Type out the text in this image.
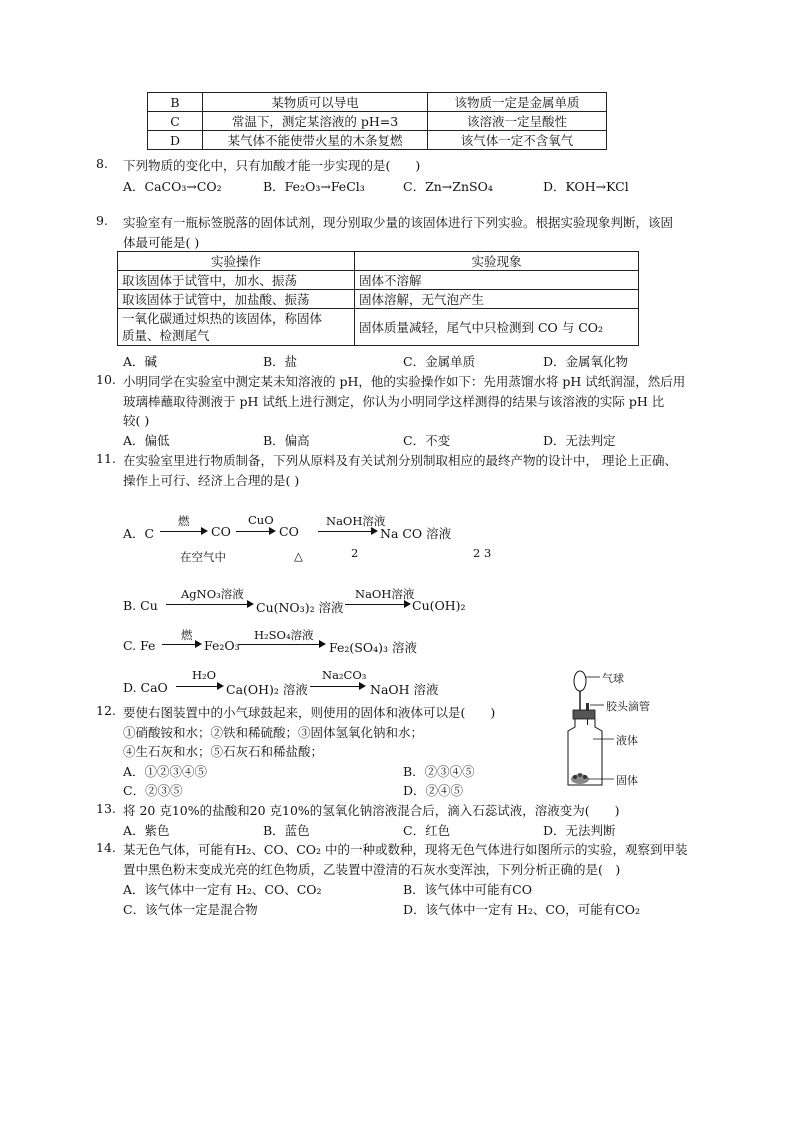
B	某物质可以导电	该物质一定是金属单质
C	常温下，测定某溶液的 pH=3	该溶液一定呈酸性
D	某气体不能使带火星的木条复燃	该气体一定不含氧气
8. 下列物质的变化中，只有加酸才能一步实现的是(　　)
A．CaCO₃→CO₂	B．Fe₂O₃→FeCl₃	C．Zn→ZnSO₄	D．KOH→KCl
9. 实验室有一瓶标签脱落的固体试剂，现分别取少量的该固体进行下列实验。根据实验现象判断，该固
体最可能是( )
实验操作	实验现象
取该固体于试管中，加水、振荡	固体不溶解
取该固体于试管中，加盐酸、振荡	固体溶解，无气泡产生
一氧化碳通过炽热的该固体，称固体
质量、检测尾气	固体质量减轻，尾气中只检测到 CO 与 CO₂
A．碱	B．盐	C．金属单质	D．金属氧化物
10. 小明同学在实验室中测定某未知溶液的 pH，他的实验操作如下：先用蒸馏水将 pH 试纸润湿，然后用
玻璃棒蘸取待测液于 pH 试纸上进行测定，你认为小明同学这样测得的结果与该溶液的实际 pH 比
较( )
A．偏低	B．偏高	C．不变	D．无法判定
11. 在实验室里进行物质制备，下列从原料及有关试剂分别制取相应的最终产物的设计中， 理论上正确、
操作上可行、经济上合理的是( )
A．C
燃
CO
CuO
CO
NaOH溶液
Na CO 溶液
在空气中	△	2	2 3
B. Cu
AgNO₃溶液
Cu(NO₃)₂ 溶液
NaOH溶液
Cu(OH)₂
C. Fe
燃
Fe₂O₃
H₂SO₄溶液
Fe₂(SO₄)₃ 溶液
D. CaO
H₂O
Ca(OH)₂ 溶液
Na₂CO₃
NaOH 溶液
气球
胶头滴管
液体
固体
12. 要使右图装置中的小气球鼓起来，则使用的固体和液体可以是(　　)
①硝酸铵和水；②铁和稀硫酸；③固体氢氧化钠和水；
④生石灰和水；⑤石灰石和稀盐酸；
A．①②③④⑤	B．②③④⑤
C．②③⑤	D．②④⑤
13. 将 20 克10%的盐酸和20 克10%的氢氧化钠溶液混合后，滴入石蕊试液，溶液变为(　　)
A．紫色	B．蓝色	C．红色	D．无法判断
14. 某无色气体，可能有H₂、CO、CO₂ 中的一种或数种，现将无色气体进行如图所示的实验，观察到甲装
置中黑色粉末变成光亮的红色物质，乙装置中澄清的石灰水变浑浊，下列分析正确的是(　)
A．该气体中一定有 H₂、CO、CO₂	B．该气体中可能有CO
C．该气体一定是混合物	D．该气体中一定有 H₂、CO，可能有CO₂
